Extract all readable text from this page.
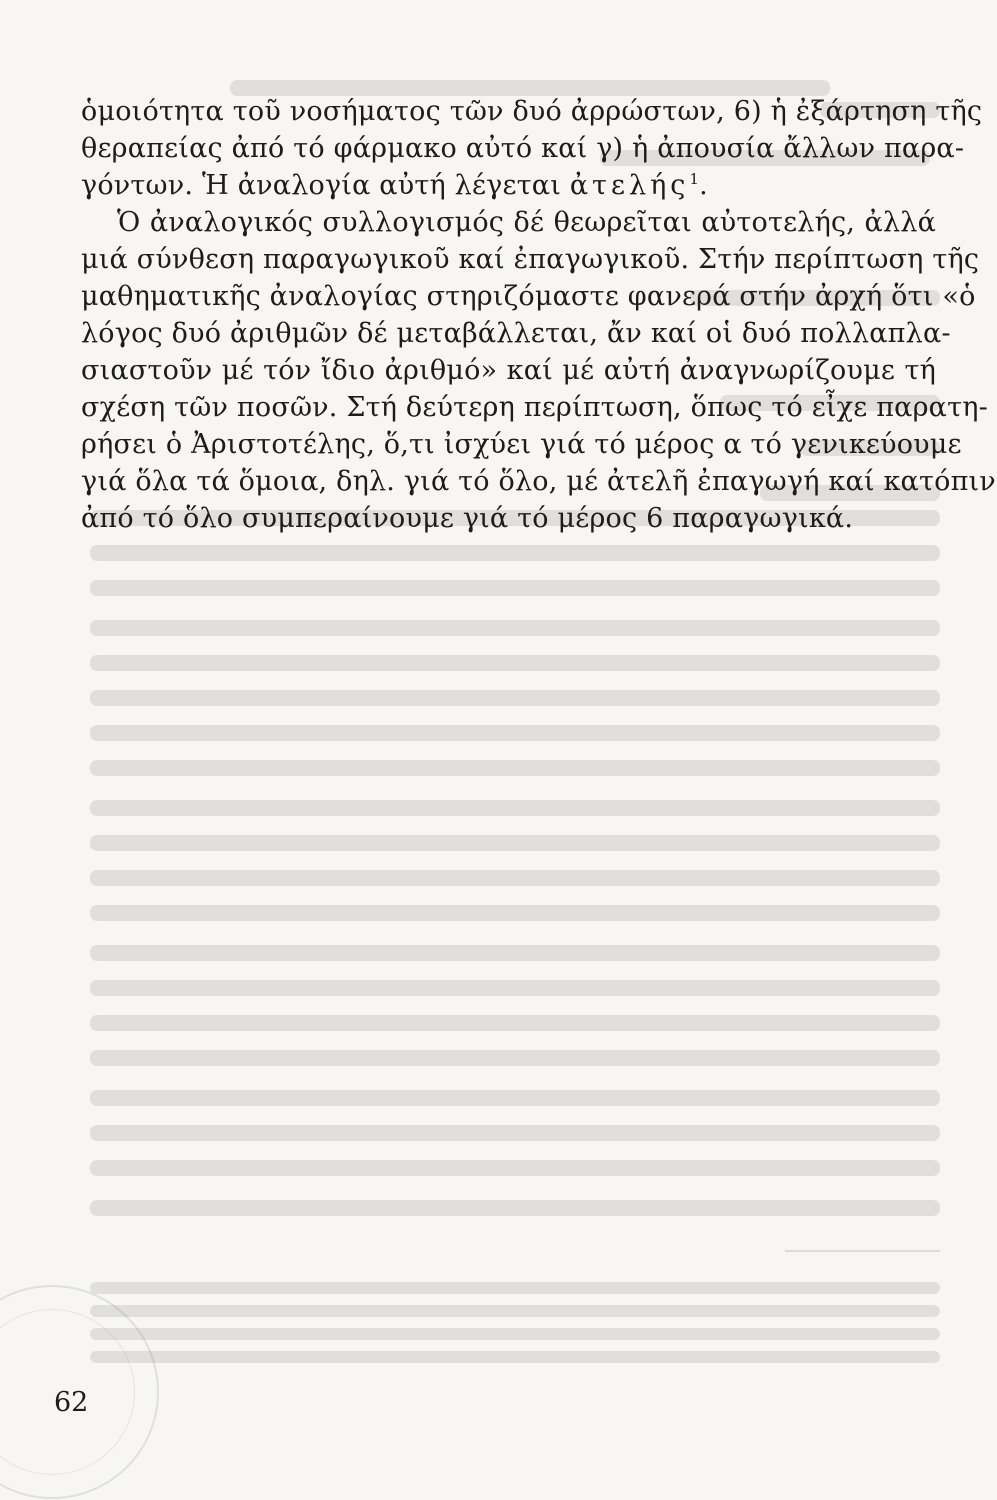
ὁμοιότητα τοῦ νοσήματος τῶν δυό ἀρρώστων, 6) ἡ ἐξάρτηση τῆς
θεραπείας ἀπό τό φάρμακο αὐτό καί γ) ἡ ἀπουσία ἄλλων παρα-
γόντων. Ἡ ἀναλογία αὐτή λέγεται ἀτελής$^1$.
Ὁ ἀναλογικός συλλογισμός δέ θεωρεῖται αὐτοτελής, ἀλλά
μιά σύνθεση παραγωγικοῦ καί ἐπαγωγικοῦ. Στήν περίπτωση τῆς
μαθηματικῆς ἀναλογίας στηριζόμαστε φανερά στήν ἀρχή ὅτι «ὁ
λόγος δυό ἀριθμῶν δέ μεταβάλλεται, ἄν καί οἱ δυό πολλαπλα-
σιαστοῦν μέ τόν ἴδιο ἀριθμό» καί μέ αὐτή ἀναγνωρίζουμε τή
σχέση τῶν ποσῶν. Στή δεύτερη περίπτωση, ὅπως τό εἶχε παρατη-
ρήσει ὁ Ἀριστοτέλης, ὅ,τι ἰσχύει γιά τό μέρος α τό γενικεύουμε
γιά ὅλα τά ὅμοια, δηλ. γιά τό ὅλο, μέ ἀτελῆ ἐπαγωγή καί κατόπιν
ἀπό τό ὅλο συμπεραίνουμε γιά τό μέρος 6 παραγωγικά.
62
